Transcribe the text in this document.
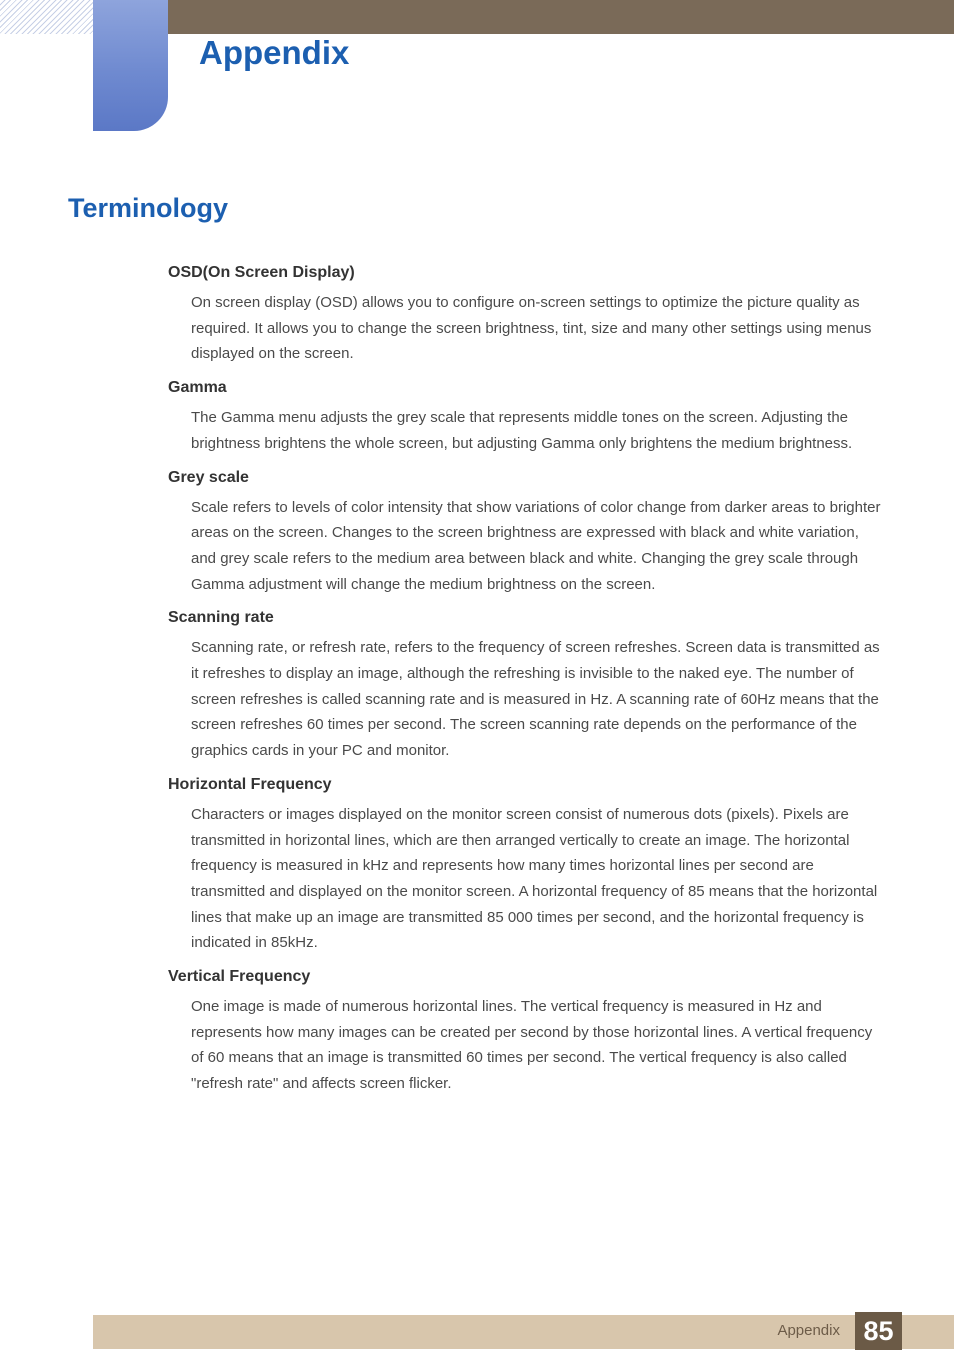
Appendix
Terminology
OSD(On Screen Display)

On screen display (OSD) allows you to configure on-screen settings to optimize the picture quality as required. It allows you to change the screen brightness, tint, size and many other settings using menus displayed on the screen.

Gamma

The Gamma menu adjusts the grey scale that represents middle tones on the screen. Adjusting the brightness brightens the whole screen, but adjusting Gamma only brightens the medium brightness.

Grey scale

Scale refers to levels of color intensity that show variations of color change from darker areas to brighter areas on the screen. Changes to the screen brightness are expressed with black and white variation, and grey scale refers to the medium area between black and white. Changing the grey scale through Gamma adjustment will change the medium brightness on the screen.

Scanning rate

Scanning rate, or refresh rate, refers to the frequency of screen refreshes. Screen data is transmitted as it refreshes to display an image, although the refreshing is invisible to the naked eye. The number of screen refreshes is called scanning rate and is measured in Hz. A scanning rate of 60Hz means that the screen refreshes 60 times per second. The screen scanning rate depends on the performance of the graphics cards in your PC and monitor.

Horizontal Frequency

Characters or images displayed on the monitor screen consist of numerous dots (pixels). Pixels are transmitted in horizontal lines, which are then arranged vertically to create an image. The horizontal frequency is measured in kHz and represents how many times horizontal lines per second are transmitted and displayed on the monitor screen. A horizontal frequency of 85 means that the horizontal lines that make up an image are transmitted 85 000 times per second, and the horizontal frequency is indicated in 85kHz.

Vertical Frequency

One image is made of numerous horizontal lines. The vertical frequency is measured in Hz and represents how many images can be created per second by those horizontal lines. A vertical frequency of 60 means that an image is transmitted 60 times per second. The vertical frequency is also called "refresh rate" and affects screen flicker.

Appendix 85
